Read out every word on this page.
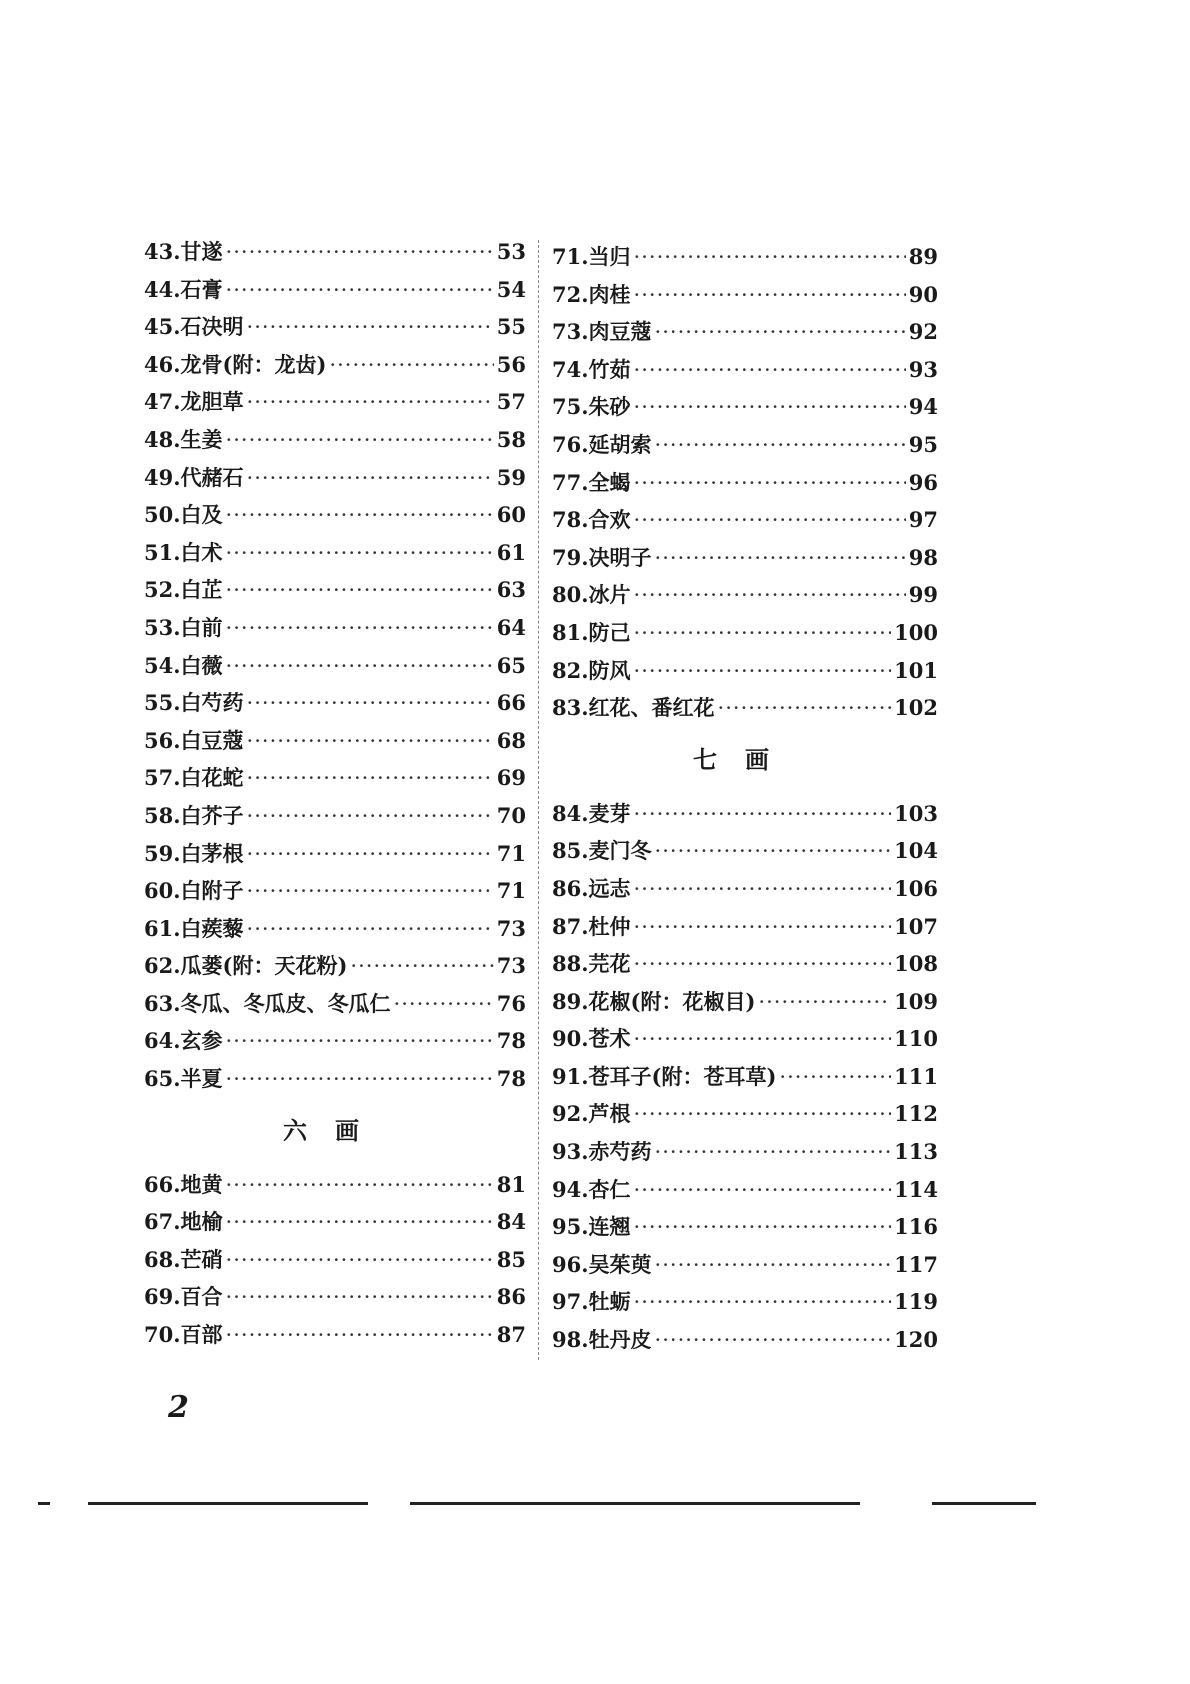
43. 甘遂 ·····	53
44. 石膏 ·····	54
45. 石决明 ·····	55
46. 龙骨(附：龙齿) ·····	56
47. 龙胆草 ·····	57
48. 生姜 ·····	58
49. 代赭石 ·····	59
50. 白及 ·····	60
51. 白术 ·····	61
52. 白芷 ·····	63
53. 白前 ·····	64
54. 白薇 ·····	65
55. 白芍药 ·····	66
56. 白豆蔻 ·····	68
57. 白花蛇 ·····	69
58. 白芥子 ·····	70
59. 白茅根 ·····	71
60. 白附子 ·····	71
61. 白蒺藜 ·····	73
62. 瓜蒌(附：天花粉) ·····	73
63. 冬瓜、冬瓜皮、冬瓜仁 ·····	76
64. 玄参 ·····	78
65. 半夏 ·····	78
六画
66. 地黄 ·····	81
67. 地榆 ·····	84
68. 芒硝 ·····	85
69. 百合 ·····	86
70. 百部 ·····	87
71. 当归 ·····	89
72. 肉桂 ·····	90
73. 肉豆蔻 ·····	92
74. 竹茹 ·····	93
75. 朱砂 ·····	94
76. 延胡索 ·····	95
77. 全蝎 ·····	96
78. 合欢 ·····	97
79. 决明子 ·····	98
80. 冰片 ·····	99
81. 防己 ·····	100
82. 防风 ·····	101
83. 红花、番红花 ·····	102
七画
84. 麦芽 ·····	103
85. 麦门冬 ·····	104
86. 远志 ·····	106
87. 杜仲 ·····	107
88. 芫花 ·····	108
89. 花椒(附：花椒目) ·····	109
90. 苍术 ·····	110
91. 苍耳子(附：苍耳草) ·····	111
92. 芦根 ·····	112
93. 赤芍药 ·····	113
94. 杏仁 ·····	114
95. 连翘 ·····	116
96. 吴茱萸 ·····	117
97. 牡蛎 ·····	119
98. 牡丹皮 ·····	120
2
